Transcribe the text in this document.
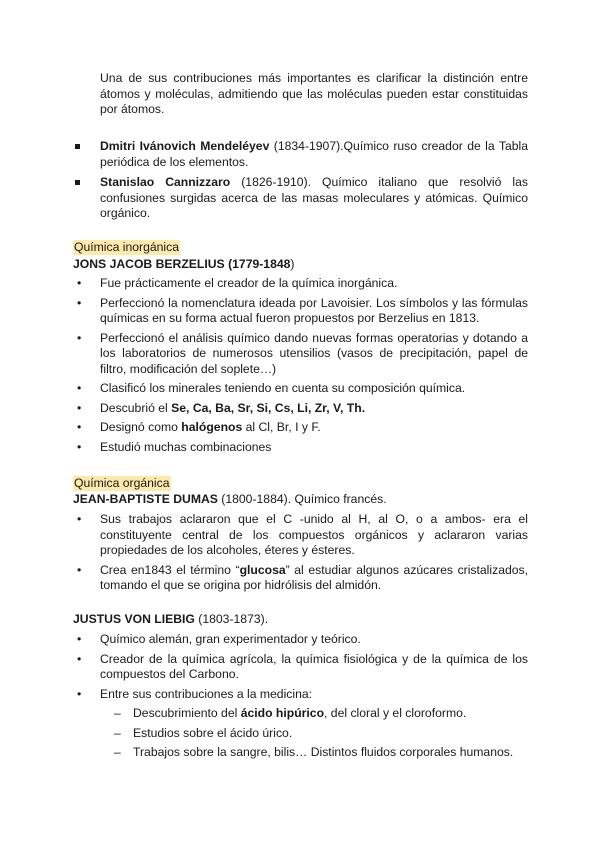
Una de sus contribuciones más importantes es clarificar la distinción entre átomos y moléculas, admitiendo que las moléculas pueden estar constituidas por átomos.

Dmitri Ivánovich Mendeléyev (1834-1907).Químico ruso creador de la Tabla periódica de los elementos.
Stanislao Cannizzaro (1826-1910). Químico italiano que resolvió las confusiones surgidas acerca de las masas moleculares y atómicas. Químico orgánico.
Química inorgánica
JONS JACOB BERZELIUS (1779-1848)
• Fue prácticamente el creador de la química inorgánica.
• Perfeccionó la nomenclatura ideada por Lavoisier. Los símbolos y las fórmulas químicas en su forma actual fueron propuestos por Berzelius en 1813.
• Perfeccionó el análisis químico dando nuevas formas operatorias y dotando a los laboratorios de numerosos utensilios (vasos de precipitación, papel de filtro, modificación del soplete…)
• Clasificó los minerales teniendo en cuenta su composición química.
• Descubrió el Se, Ca, Ba, Sr, Si, Cs, Li, Zr, V, Th.
• Designó como halógenos al Cl, Br, I y F.
• Estudió muchas combinaciones
Química orgánica
JEAN-BAPTISTE DUMAS (1800-1884). Químico francés.
• Sus trabajos aclararon que el C -unido al H, al O, o a ambos- era el constituyente central de los compuestos orgánicos y aclararon varias propiedades de los alcoholes, éteres y ésteres.
• Crea en1843 el término “glucosa” al estudiar algunos azúcares cristalizados, tomando el que se origina por hidrólisis del almidón.
JUSTUS VON LIEBIG (1803-1873).
• Químico alemán, gran experimentador y teórico.
• Creador de la química agrícola, la química fisiológica y de la química de los compuestos del Carbono.
• Entre sus contribuciones a la medicina:
– Descubrimiento del ácido hipúrico, del cloral y el cloroformo.
– Estudios sobre el ácido úrico.
– Trabajos sobre la sangre, bilis… Distintos fluidos corporales humanos.
